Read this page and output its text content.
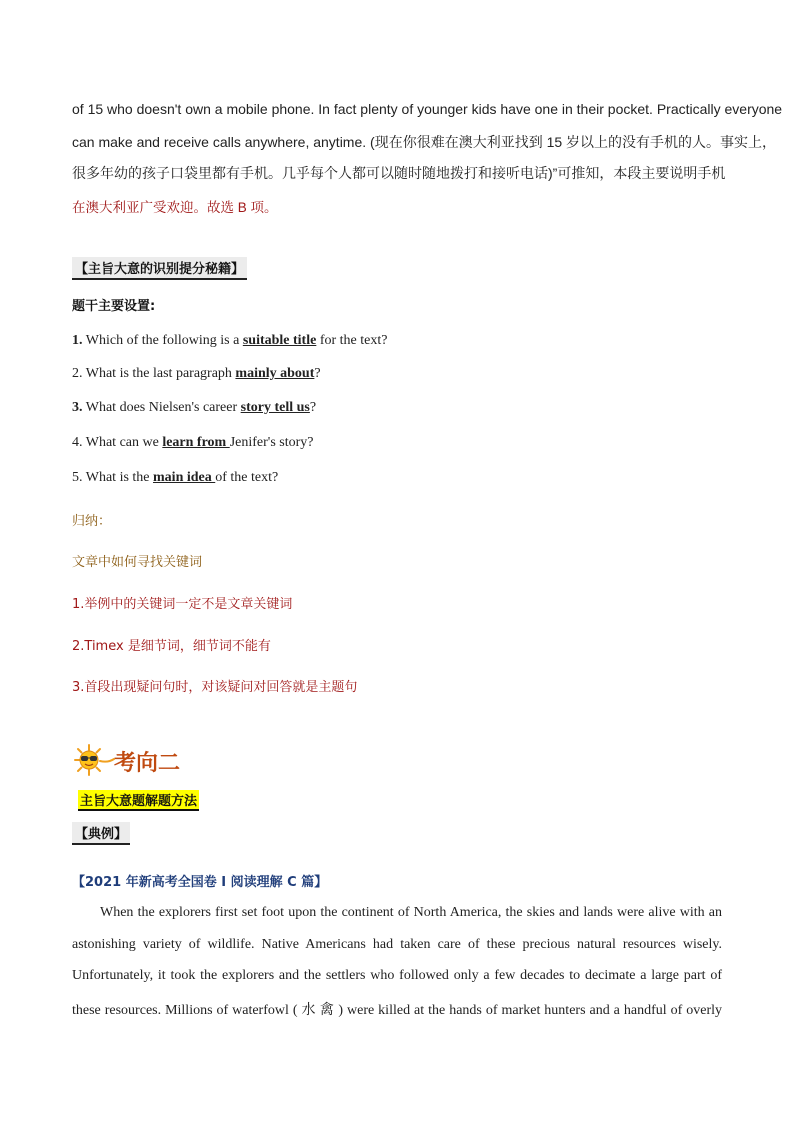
of 15 who doesn't own a mobile phone. In fact plenty of younger kids have one in their pocket. Practically everyone
can make and receive calls anywhere, anytime. (现在你很难在澳大利亚找到 15 岁以上的没有手机的人。事实上，
很多年幼的孩子口袋里都有手机。几乎每个人都可以随时随地拨打和接听电话)”可推知，本段主要说明手机
在澳大利亚广受欢迎。故选 B 项。
【主旨大意的识别提分秘籍】
题干主要设置:
1. Which of the following is a suitable title for the text?
2. What is the last paragraph mainly about?
3. What does Nielsen's career story tell us?
4. What can we learn from Jenifer's story?
5. What is the main idea of the text?
归纳：
文章中如何寻找关键词
1.举例中的关键词一定不是文章关键词
2.Timex 是细节词，细节词不能有
3.首段出现疑问句时，对该疑问对回答就是主题句
考向二
主旨大意题解题方法
【典例】
【2021 年新高考全国卷 I 阅读理解 C 篇】
When the explorers first set foot upon the continent of North America, the skies and lands were alive with an
astonishing variety of wildlife. Native Americans had taken care of these precious natural resources wisely.
Unfortunately, it took the explorers and the settlers who followed only a few decades to decimate a large part of
these resources. Millions of waterfowl ( 水 禽 ) were killed at the hands of market hunters and a handful of overly
